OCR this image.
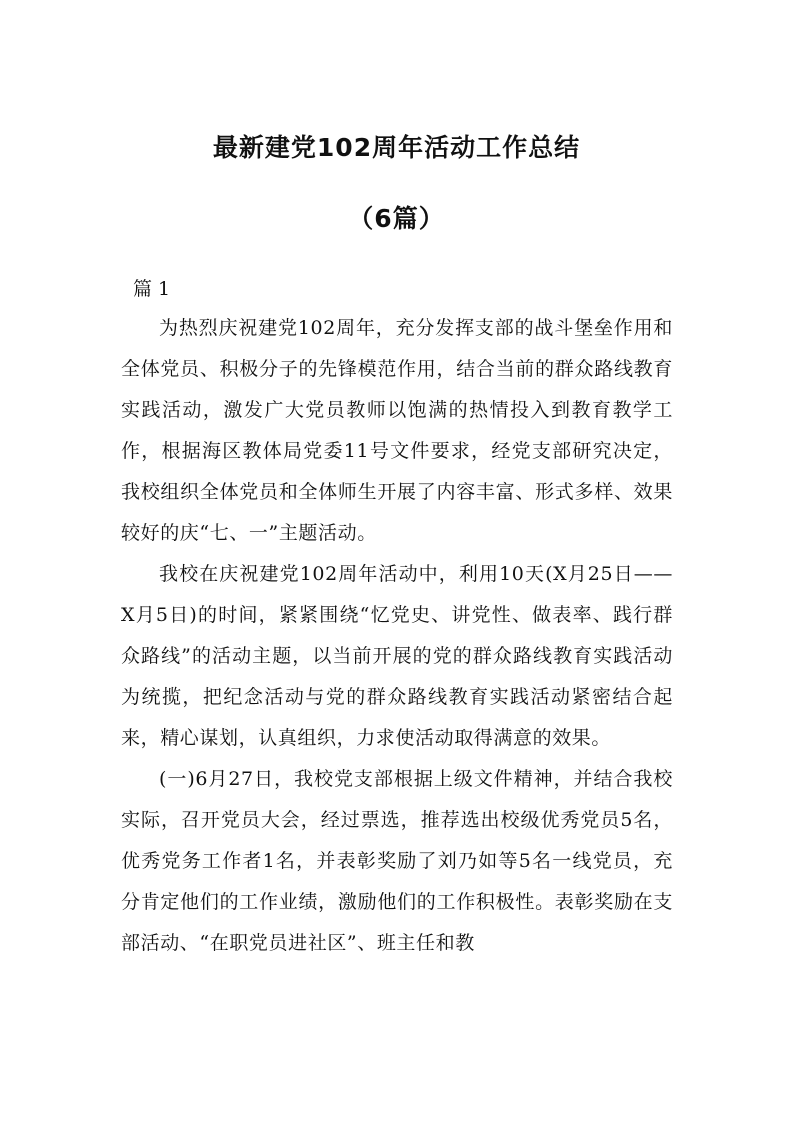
最新建党102周年活动工作总结
（6篇）

篇 1

为热烈庆祝建党102周年，充分发挥支部的战斗堡垒作用和全体党员、积极分子的先锋模范作用，结合当前的群众路线教育实践活动，激发广大党员教师以饱满的热情投入到教育教学工作，根据海区教体局党委11号文件要求，经党支部研究决定，我校组织全体党员和全体师生开展了内容丰富、形式多样、效果较好的庆“七、一”主题活动。

我校在庆祝建党102周年活动中，利用10天(X月25日——X月5日)的时间，紧紧围绕“忆党史、讲党性、做表率、践行群众路线”的活动主题，以当前开展的党的群众路线教育实践活动为统揽，把纪念活动与党的群众路线教育实践活动紧密结合起来，精心谋划，认真组织，力求使活动取得满意的效果。

(一)6月27日，我校党支部根据上级文件精神，并结合我校实际，召开党员大会，经过票选，推荐选出校级优秀党员5名，优秀党务工作者1名，并表彰奖励了刘乃如等5名一线党员，充分肯定他们的工作业绩，激励他们的工作积极性。表彰奖励在支部活动、“在职党员进社区”、班主任和教
